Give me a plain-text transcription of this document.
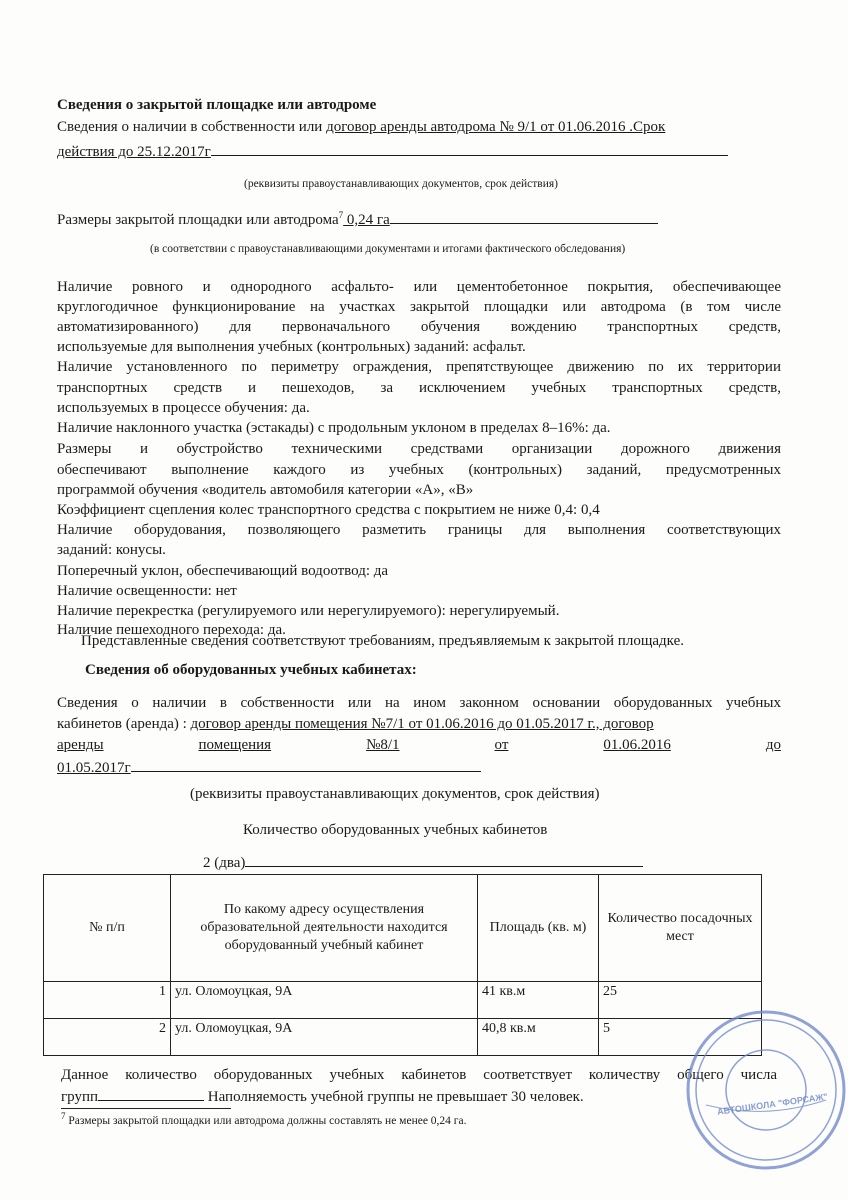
Сведения о закрытой площадке или автодроме
Сведения о наличии в собственности или договор аренды автодрома № 9/1 от 01.06.2016 .Срок
действия до 25.12.2017г
(реквизиты правоустанавливающих документов, срок действия)
Размеры закрытой площадки или автодрома$^7$ 0,24 га
(в соответствии с правоустанавливающими документами и итогами фактического обследования)
Наличие ровного и однородного асфальто- или цементобетонное покрытия, обеспечивающее
круглогодичное функционирование на участках закрытой площадки или автодрома (в том числе
автоматизированного) для первоначального обучения вождению транспортных средств,
используемые для выполнения учебных (контрольных) заданий: асфальт.
Наличие установленного по периметру ограждения, препятствующее движению по их территории
транспортных средств и пешеходов, за исключением учебных транспортных средств,
используемых в процессе обучения: да.
Наличие наклонного участка (эстакады) с продольным уклоном в пределах 8–16%: да.
Размеры и обустройство техническими средствами организации дорожного движения
обеспечивают выполнение каждого из учебных (контрольных) заданий, предусмотренных
программой обучения «водитель автомобиля категории «А», «В»
Коэффициент сцепления колес транспортного средства с покрытием не ниже 0,4: 0,4
Наличие оборудования, позволяющего разметить границы для выполнения соответствующих
заданий: конусы.
Поперечный уклон, обеспечивающий водоотвод: да
Наличие освещенности: нет
Наличие перекрестка (регулируемого или нерегулируемого): нерегулируемый.
Наличие пешеходного перехода: да.
Представленные сведения соответствуют требованиям, предъявляемым к закрытой площадке.
Сведения об оборудованных учебных кабинетах:
Сведения о наличии в собственности или на ином законном основании оборудованных учебных
кабинетов (аренда) : договор аренды помещения №7/1 от 01.06.2016 до 01.05.2017 г., договор
аренды	помещения	№8/1	от	01.06.2016	до
01.05.2017г
(реквизиты правоустанавливающих документов, срок действия)
Количество оборудованных учебных кабинетов
2 (два)
№ п/п	По какому адресу осуществления образовательной деятельности находится оборудованный учебный кабинет	Площадь (кв. м)	Количество посадочных мест
1	ул. Оломоуцкая, 9А	41 кв.м	25
2	ул. Оломоуцкая, 9А	40,8 кв.м	5
Данное количество оборудованных учебных кабинетов соответствует количеству общего числа
групп	Наполняемость учебной группы не превышает 30 человек.
$^7$ Размеры закрытой площадки или автодрома должны составлять не менее 0,24 га.
АВТОШКОЛА "ФОРСАЖ"
